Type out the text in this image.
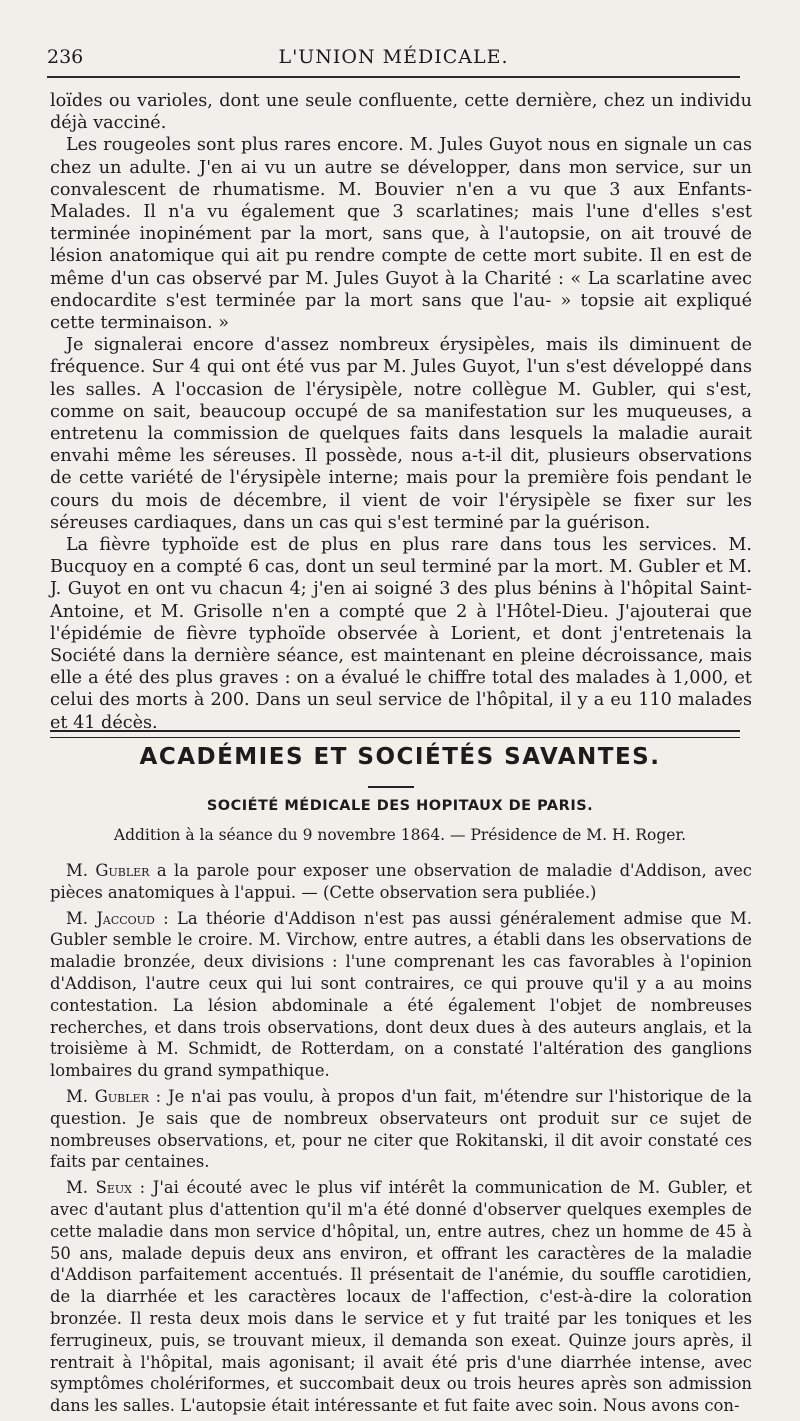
236	L'UNION MÉDICALE.

loïdes ou varioles, dont une seule confluente, cette dernière, chez un individu déjà vacciné.

Les rougeoles sont plus rares encore. M. Jules Guyot nous en signale un cas chez un adulte. J'en ai vu un autre se développer, dans mon service, sur un convalescent de rhumatisme. M. Bouvier n'en a vu que 3 aux Enfants-Malades. Il n'a vu également que 3 scarlatines; mais l'une d'elles s'est terminée inopinément par la mort, sans que, à l'autopsie, on ait trouvé de lésion anatomique qui ait pu rendre compte de cette mort subite. Il en est de même d'un cas observé par M. Jules Guyot à la Charité : « La scarlatine avec endocardite s'est terminée par la mort sans que l'au- » topsie ait expliqué cette terminaison. »

Je signalerai encore d'assez nombreux érysipèles, mais ils diminuent de fréquence. Sur 4 qui ont été vus par M. Jules Guyot, l'un s'est développé dans les salles. A l'occasion de l'érysipèle, notre collègue M. Gubler, qui s'est, comme on sait, beaucoup occupé de sa manifestation sur les muqueuses, a entretenu la commission de quelques faits dans lesquels la maladie aurait envahi même les séreuses. Il possède, nous a-t-il dit, plusieurs observations de cette variété de l'érysipèle interne; mais pour la première fois pendant le cours du mois de décembre, il vient de voir l'érysipèle se fixer sur les séreuses cardiaques, dans un cas qui s'est terminé par la guérison.

La fièvre typhoïde est de plus en plus rare dans tous les services. M. Bucquoy en a compté 6 cas, dont un seul terminé par la mort. M. Gubler et M. J. Guyot en ont vu chacun 4; j'en ai soigné 3 des plus bénins à l'hôpital Saint-Antoine, et M. Grisolle n'en a compté que 2 à l'Hôtel-Dieu. J'ajouterai que l'épidémie de fièvre typhoïde observée à Lorient, et dont j'entretenais la Société dans la dernière séance, est maintenant en pleine décroissance, mais elle a été des plus graves : on a évalué le chiffre total des malades à 1,000, et celui des morts à 200. Dans un seul service de l'hôpital, il y a eu 110 malades et 41 décès.

ACADÉMIES ET SOCIÉTÉS SAVANTES.
SOCIÉTÉ MÉDICALE DES HOPITAUX DE PARIS.
Addition à la séance du 9 novembre 1864. — Présidence de M. H. Roger.

M. Gubler a la parole pour exposer une observation de maladie d'Addison, avec pièces anatomiques à l'appui. — (Cette observation sera publiée.)

M. Jaccoud : La théorie d'Addison n'est pas aussi généralement admise que M. Gubler semble le croire. M. Virchow, entre autres, a établi dans les observations de maladie bronzée, deux divisions : l'une comprenant les cas favorables à l'opinion d'Addison, l'autre ceux qui lui sont contraires, ce qui prouve qu'il y a au moins contestation. La lésion abdominale a été également l'objet de nombreuses recherches, et dans trois observations, dont deux dues à des auteurs anglais, et la troisième à M. Schmidt, de Rotterdam, on a constaté l'altération des ganglions lombaires du grand sympathique.

M. Gubler : Je n'ai pas voulu, à propos d'un fait, m'étendre sur l'historique de la question. Je sais que de nombreux observateurs ont produit sur ce sujet de nombreuses observations, et, pour ne citer que Rokitanski, il dit avoir constaté ces faits par centaines.

M. Seux : J'ai écouté avec le plus vif intérêt la communication de M. Gubler, et avec d'autant plus d'attention qu'il m'a été donné d'observer quelques exemples de cette maladie dans mon service d'hôpital, un, entre autres, chez un homme de 45 à 50 ans, malade depuis deux ans environ, et offrant les caractères de la maladie d'Addison parfaitement accentués. Il présentait de l'anémie, du souffle carotidien, de la diarrhée et les caractères locaux de l'affection, c'est-à-dire la coloration bronzée. Il resta deux mois dans le service et y fut traité par les toniques et les ferrugineux, puis, se trouvant mieux, il demanda son exeat. Quinze jours après, il rentrait à l'hôpital, mais agonisant; il avait été pris d'une diarrhée intense, avec symptômes cholériformes, et succombait deux ou trois heures après son admission dans les salles. L'autopsie était intéressante et fut faite avec soin. Nous avons con-
